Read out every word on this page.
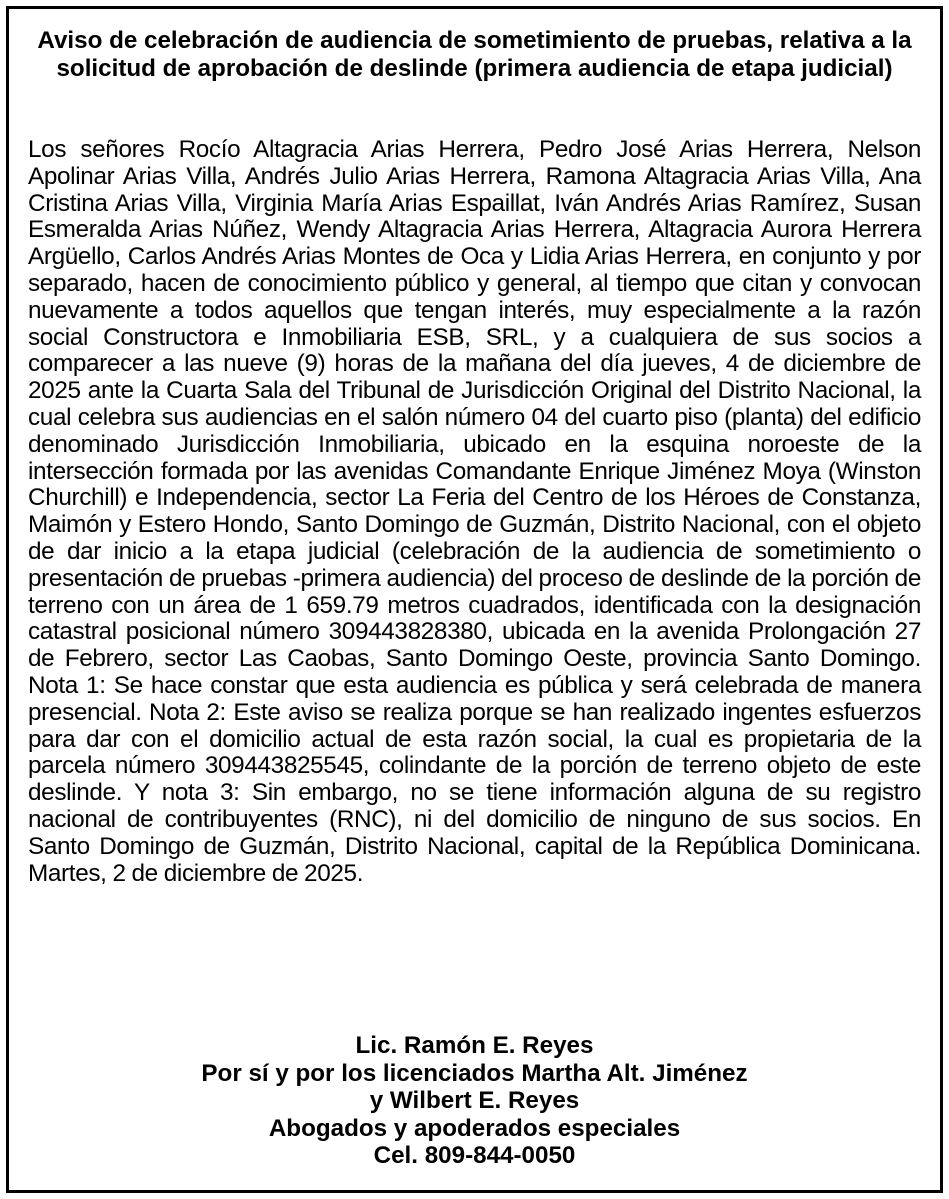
Aviso de celebración de audiencia de sometimiento de pruebas, relativa a la solicitud de aprobación de deslinde (primera audiencia de etapa judicial)

Los señores Rocío Altagracia Arias Herrera, Pedro José Arias Herrera, Nelson Apolinar Arias Villa, Andrés Julio Arias Herrera, Ramona Altagracia Arias Villa, Ana Cristina Arias Villa, Virginia María Arias Espaillat, Iván Andrés Arias Ramírez, Susan Esmeralda Arias Núñez, Wendy Altagracia Arias Herrera, Altagracia Aurora Herrera Argüello, Carlos Andrés Arias Montes de Oca y Lidia Arias Herrera, en conjunto y por separado, hacen de conocimiento público y general, al tiempo que citan y convocan nuevamente a todos aquellos que tengan interés, muy especialmente a la razón social Constructora e Inmobiliaria ESB, SRL, y a cualquiera de sus socios a comparecer a las nueve (9) horas de la mañana del día jueves, 4 de diciembre de 2025 ante la Cuarta Sala del Tribunal de Jurisdicción Original del Distrito Nacional, la cual celebra sus audiencias en el salón número 04 del cuarto piso (planta) del edificio denominado Jurisdicción Inmobiliaria, ubicado en la esquina noroeste de la intersección formada por las avenidas Comandante Enrique Jiménez Moya (Winston Churchill) e Independencia, sector La Feria del Centro de los Héroes de Constanza, Maimón y Estero Hondo, Santo Domingo de Guzmán, Distrito Nacional, con el objeto de dar inicio a la etapa judicial (celebración de la audiencia de sometimiento o presentación de pruebas -primera audiencia) del proceso de deslinde de la porción de terreno con un área de 1 659.79 metros cuadrados, identificada con la designación catastral posicional número 309443828380, ubicada en la avenida Prolongación 27 de Febrero, sector Las Caobas, Santo Domingo Oeste, provincia Santo Domingo. Nota 1: Se hace constar que esta audiencia es pública y será celebrada de manera presencial. Nota 2: Este aviso se realiza porque se han realizado ingentes esfuerzos para dar con el domicilio actual de esta razón social, la cual es propietaria de la parcela número 309443825545, colindante de la porción de terreno objeto de este deslinde. Y nota 3: Sin embargo, no se tiene información alguna de su registro nacional de contribuyentes (RNC), ni del domicilio de ninguno de sus socios. En Santo Domingo de Guzmán, Distrito Nacional, capital de la República Dominicana. Martes, 2 de diciembre de 2025.

Lic. Ramón E. Reyes
Por sí y por los licenciados Martha Alt. Jiménez
y Wilbert E. Reyes
Abogados y apoderados especiales
Cel. 809-844-0050
